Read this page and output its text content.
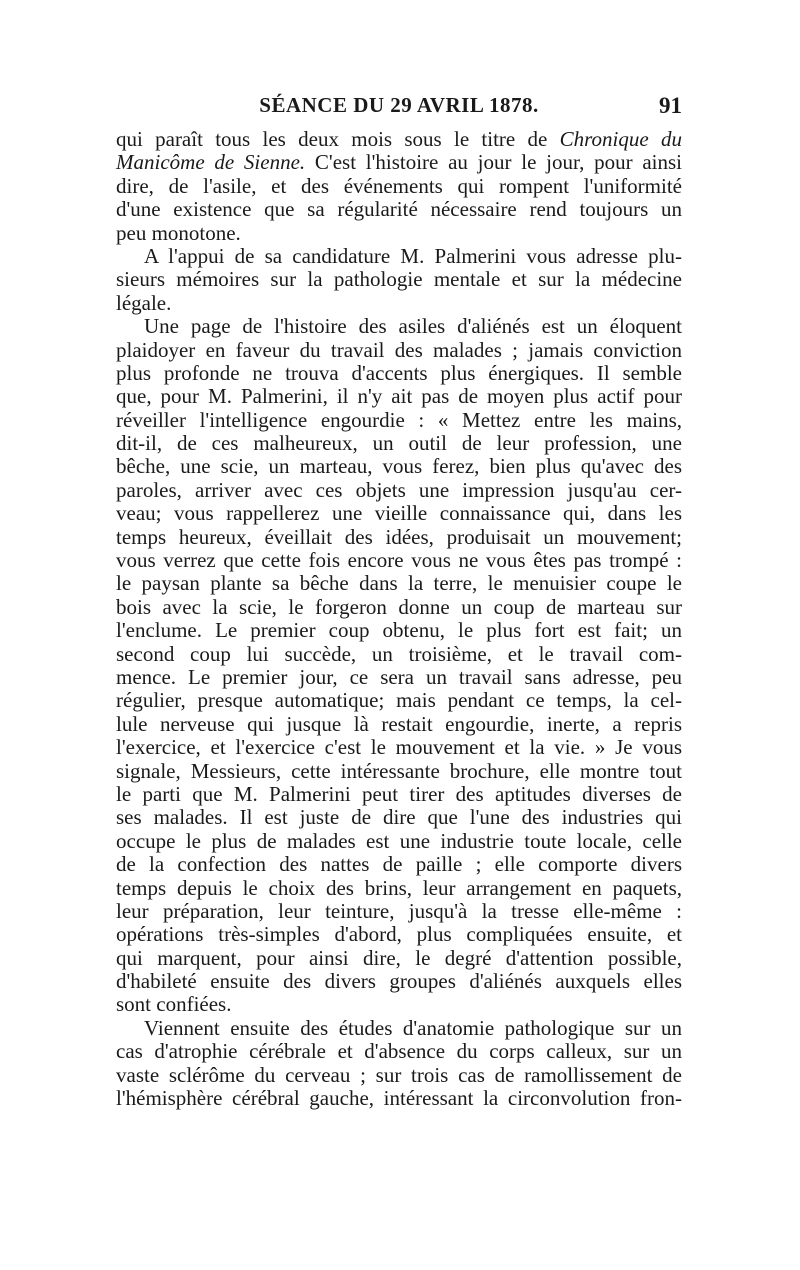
SÉANCE DU 29 AVRIL 1878.	91
qui paraît tous les deux mois sous le titre de Chronique du
Manicôme de Sienne. C'est l'histoire au jour le jour, pour ainsi
dire, de l'asile, et des événements qui rompent l'uniformité
d'une existence que sa régularité nécessaire rend toujours un
peu monotone.
A l'appui de sa candidature M. Palmerini vous adresse plu-
sieurs mémoires sur la pathologie mentale et sur la médecine
légale.
Une page de l'histoire des asiles d'aliénés est un éloquent
plaidoyer en faveur du travail des malades ; jamais conviction
plus profonde ne trouva d'accents plus énergiques. Il semble
que, pour M. Palmerini, il n'y ait pas de moyen plus actif pour
réveiller l'intelligence engourdie : « Mettez entre les mains,
dit-il, de ces malheureux, un outil de leur profession, une
bêche, une scie, un marteau, vous ferez, bien plus qu'avec des
paroles, arriver avec ces objets une impression jusqu'au cer-
veau; vous rappellerez une vieille connaissance qui, dans les
temps heureux, éveillait des idées, produisait un mouvement;
vous verrez que cette fois encore vous ne vous êtes pas trompé :
le paysan plante sa bêche dans la terre, le menuisier coupe le
bois avec la scie, le forgeron donne un coup de marteau sur
l'enclume. Le premier coup obtenu, le plus fort est fait; un
second coup lui succède, un troisième, et le travail com-
mence. Le premier jour, ce sera un travail sans adresse, peu
régulier, presque automatique; mais pendant ce temps, la cel-
lule nerveuse qui jusque là restait engourdie, inerte, a repris
l'exercice, et l'exercice c'est le mouvement et la vie. » Je vous
signale, Messieurs, cette intéressante brochure, elle montre tout
le parti que M. Palmerini peut tirer des aptitudes diverses de
ses malades. Il est juste de dire que l'une des industries qui
occupe le plus de malades est une industrie toute locale, celle
de la confection des nattes de paille ; elle comporte divers
temps depuis le choix des brins, leur arrangement en paquets,
leur préparation, leur teinture, jusqu'à la tresse elle-même :
opérations très-simples d'abord, plus compliquées ensuite, et
qui marquent, pour ainsi dire, le degré d'attention possible,
d'habileté ensuite des divers groupes d'aliénés auxquels elles
sont confiées.
Viennent ensuite des études d'anatomie pathologique sur un
cas d'atrophie cérébrale et d'absence du corps calleux, sur un
vaste sclérôme du cerveau ; sur trois cas de ramollissement de
l'hémisphère cérébral gauche, intéressant la circonvolution fron-
